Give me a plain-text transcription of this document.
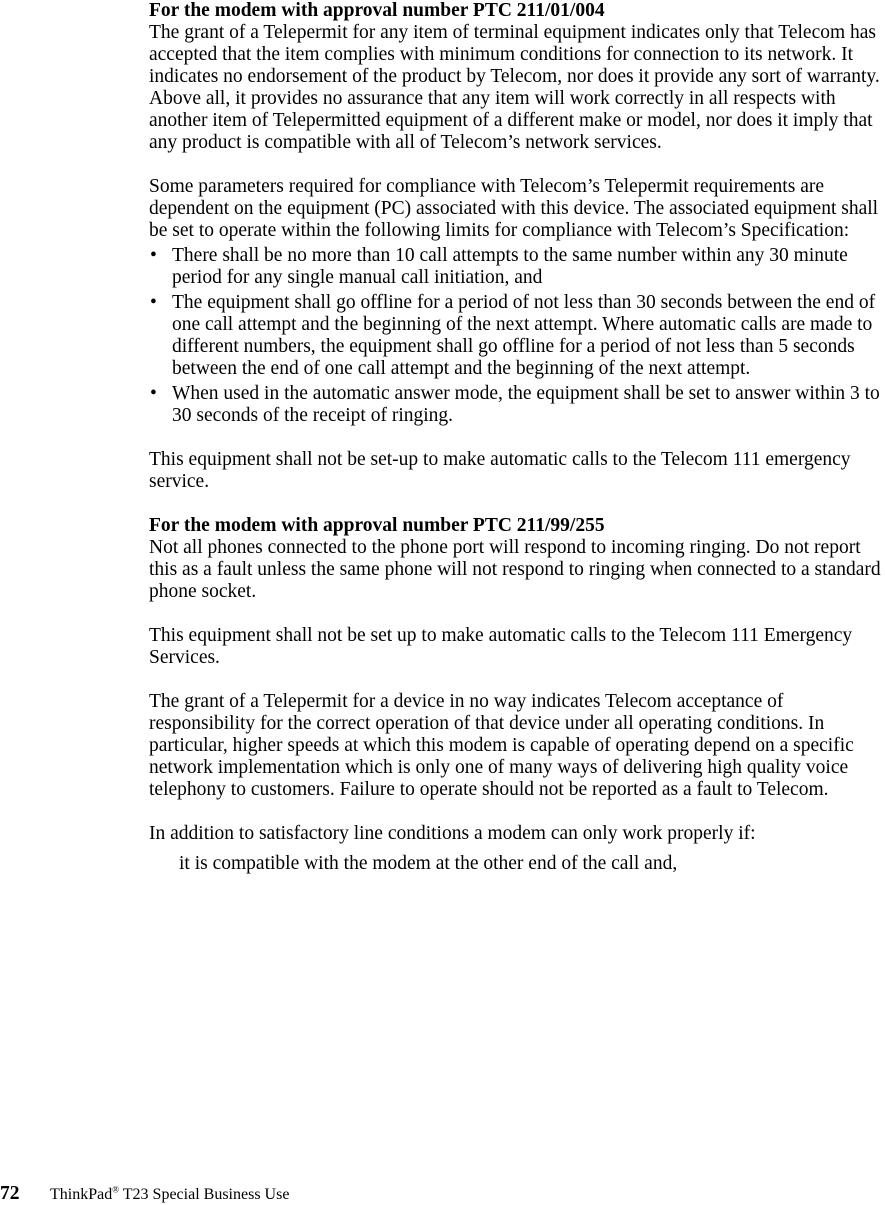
For the modem with approval number PTC 211/01/004

The grant of a Telepermit for any item of terminal equipment indicates only that Telecom has accepted that the item complies with minimum conditions for connection to its network. It indicates no endorsement of the product by Telecom, nor does it provide any sort of warranty. Above all, it provides no assurance that any item will work correctly in all respects with another item of Telepermitted equipment of a different make or model, nor does it imply that any product is compatible with all of Telecom’s network services.

Some parameters required for compliance with Telecom’s Telepermit requirements are dependent on the equipment (PC) associated with this device. The associated equipment shall be set to operate within the following limits for compliance with Telecom’s Specification:

• There shall be no more than 10 call attempts to the same number within any 30 minute period for any single manual call initiation, and
• The equipment shall go offline for a period of not less than 30 seconds between the end of one call attempt and the beginning of the next attempt. Where automatic calls are made to different numbers, the equipment shall go offline for a period of not less than 5 seconds between the end of one call attempt and the beginning of the next attempt.
• When used in the automatic answer mode, the equipment shall be set to answer within 3 to 30 seconds of the receipt of ringing.

This equipment shall not be set-up to make automatic calls to the Telecom 111 emergency service.

For the modem with approval number PTC 211/99/255

Not all phones connected to the phone port will respond to incoming ringing. Do not report this as a fault unless the same phone will not respond to ringing when connected to a standard phone socket.

This equipment shall not be set up to make automatic calls to the Telecom 111 Emergency Services.

The grant of a Telepermit for a device in no way indicates Telecom acceptance of responsibility for the correct operation of that device under all operating conditions. In particular, higher speeds at which this modem is capable of operating depend on a specific network implementation which is only one of many ways of delivering high quality voice telephony to customers. Failure to operate should not be reported as a fault to Telecom.

In addition to satisfactory line conditions a modem can only work properly if:

it is compatible with the modem at the other end of the call and,
72 ThinkPad® T23 Special Business Use
